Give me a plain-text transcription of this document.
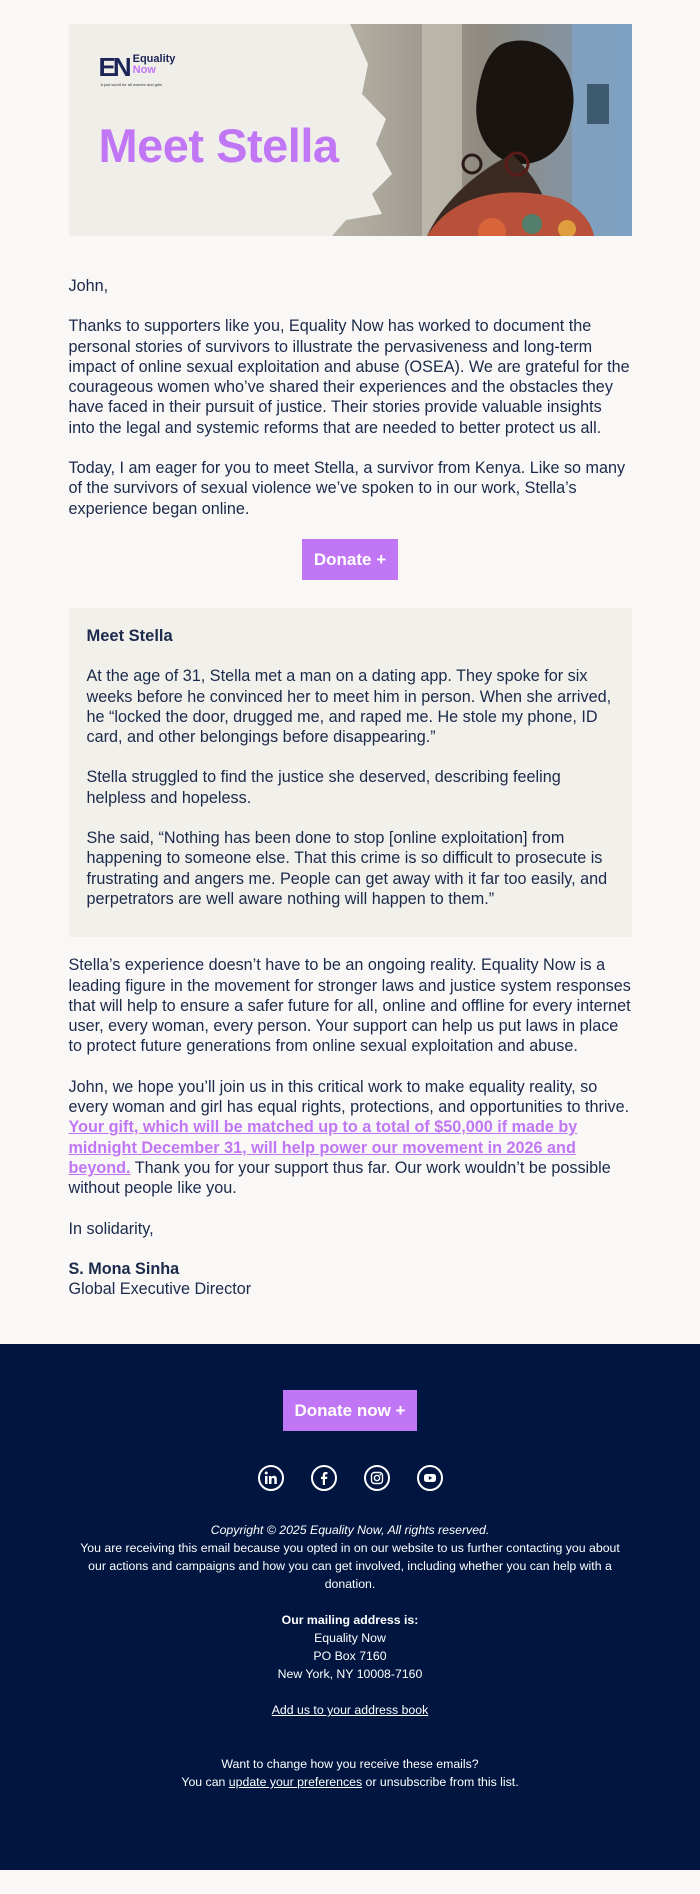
EN Equality
Now
A just world for all women and girls
Meet Stella

John,

Thanks to supporters like you, Equality Now has worked to document the personal stories of survivors to illustrate the pervasiveness and long-term impact of online sexual exploitation and abuse (OSEA). We are grateful for the courageous women who’ve shared their experiences and the obstacles they have faced in their pursuit of justice. Their stories provide valuable insights into the legal and systemic reforms that are needed to better protect us all.

Today, I am eager for you to meet Stella, a survivor from Kenya. Like so many of the survivors of sexual violence we’ve spoken to in our work, Stella’s experience began online.

Donate +
Meet Stella

At the age of 31, Stella met a man on a dating app. They spoke for six weeks before he convinced her to meet him in person. When she arrived, he “locked the door, drugged me, and raped me. He stole my phone, ID card, and other belongings before disappearing.”

Stella struggled to find the justice she deserved, describing feeling helpless and hopeless.

She said, “Nothing has been done to stop [online exploitation] from happening to someone else. That this crime is so difficult to prosecute is frustrating and angers me. People can get away with it far too easily, and perpetrators are well aware nothing will happen to them.”

Stella’s experience doesn’t have to be an ongoing reality. Equality Now is a leading figure in the movement for stronger laws and justice system responses that will help to ensure a safer future for all, online and offline for every internet user, every woman, every person. Your support can help us put laws in place to protect future generations from online sexual exploitation and abuse.

John, we hope you’ll join us in this critical work to make equality reality, so every woman and girl has equal rights, protections, and opportunities to thrive. Your gift, which will be matched up to a total of $50,000 if made by midnight December 31, will help power our movement in 2026 and beyond. Thank you for your support thus far. Our work wouldn’t be possible without people like you.

In solidarity,

S. Mona Sinha
Global Executive Director
Donate now +

Copyright © 2025 Equality Now, All rights reserved.
You are receiving this email because you opted in on our website to us further contacting you about our actions and campaigns and how you can get involved, including whether you can help with a donation.

Our mailing address is:
Equality Now
PO Box 7160
New York, NY 10008-7160

Add us to your address book

Want to change how you receive these emails?
You can update your preferences or unsubscribe from this list.
